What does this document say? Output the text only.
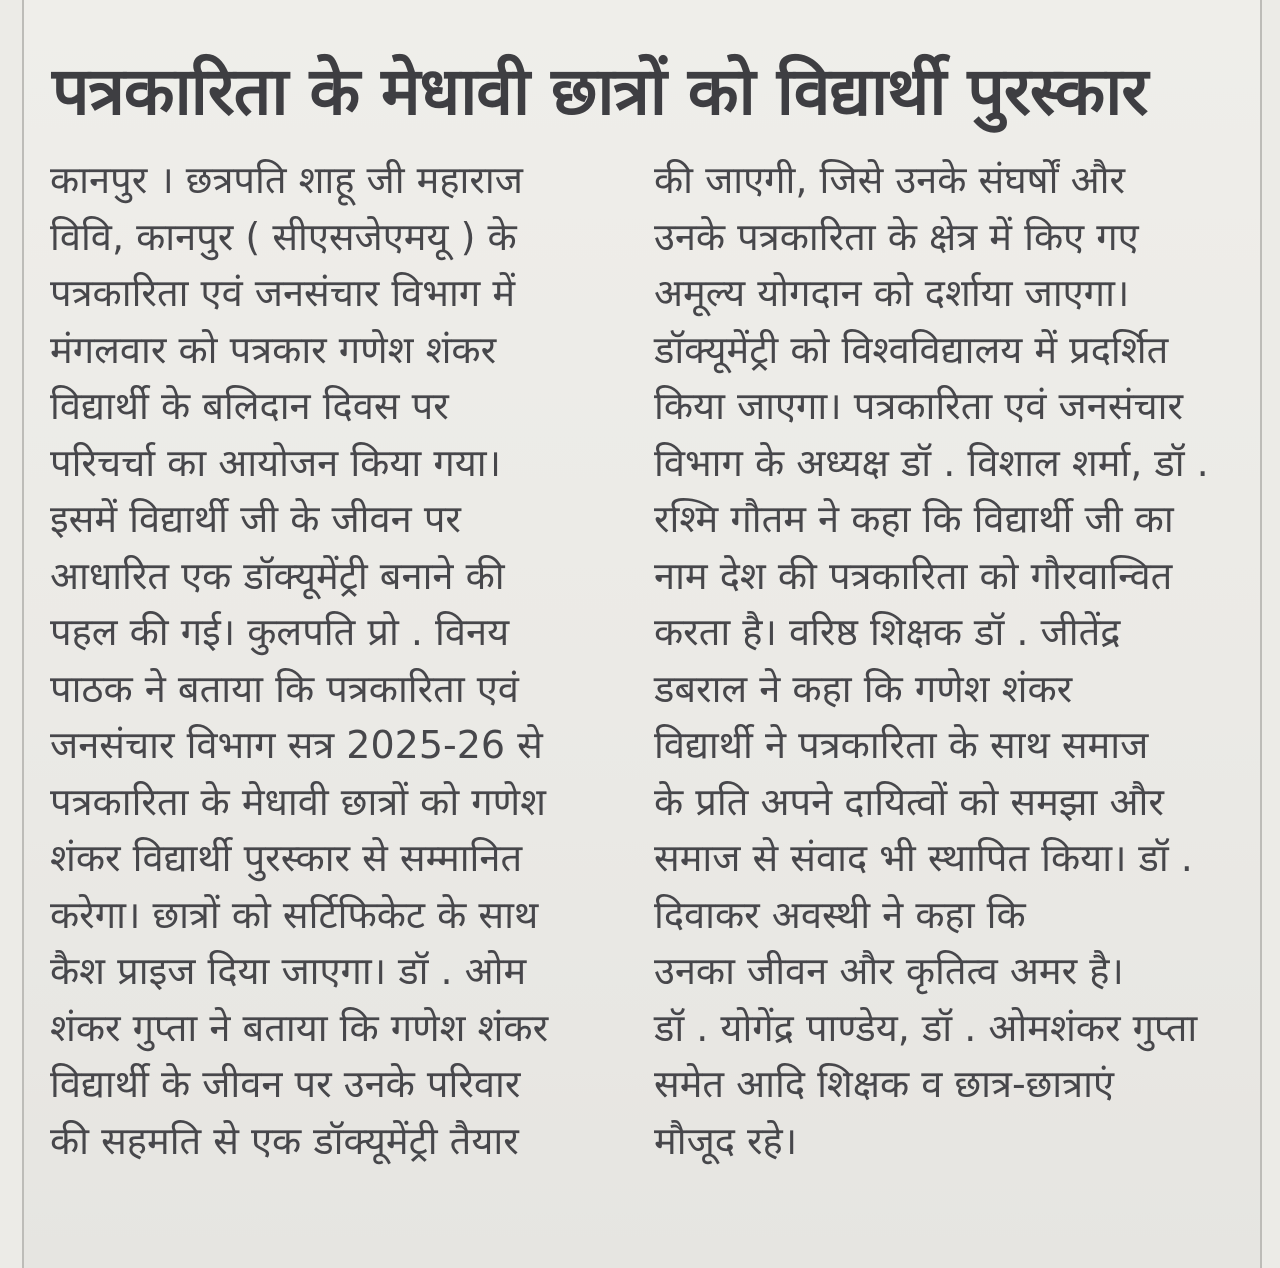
पत्रकारिता के मेधावी छात्रों को विद्यार्थी पुरस्कार
कानपुर । छत्रपति शाहू जी महाराज
विवि, कानपुर ( सीएसजेएमयू ) के
पत्रकारिता एवं जनसंचार विभाग में
मंगलवार को पत्रकार गणेश शंकर
विद्यार्थी के बलिदान दिवस पर
परिचर्चा का आयोजन किया गया।
इसमें विद्यार्थी जी के जीवन पर
आधारित एक डॉक्यूमेंट्री बनाने की
पहल की गई। कुलपति प्रो . विनय
पाठक ने बताया कि पत्रकारिता एवं
जनसंचार विभाग सत्र 2025-26 से
पत्रकारिता के मेधावी छात्रों को गणेश
शंकर विद्यार्थी पुरस्कार से सम्मानित
करेगा। छात्रों को सर्टिफिकेट के साथ
कैश प्राइज दिया जाएगा। डॉ . ओम
शंकर गुप्ता ने बताया कि गणेश शंकर
विद्यार्थी के जीवन पर उनके परिवार
की सहमति से एक डॉक्यूमेंट्री तैयार
की जाएगी, जिसे उनके संघर्षों और
उनके पत्रकारिता के क्षेत्र में किए गए
अमूल्य योगदान को दर्शाया जाएगा।
डॉक्यूमेंट्री को विश्वविद्यालय में प्रदर्शित
किया जाएगा। पत्रकारिता एवं जनसंचार
विभाग के अध्यक्ष डॉ . विशाल शर्मा, डॉ .
रश्मि गौतम ने कहा कि विद्यार्थी जी का
नाम देश की पत्रकारिता को गौरवान्वित
करता है। वरिष्ठ शिक्षक डॉ . जीतेंद्र
डबराल ने कहा कि गणेश शंकर
विद्यार्थी ने पत्रकारिता के साथ समाज
के प्रति अपने दायित्वों को समझा और
समाज से संवाद भी स्थापित किया। डॉ .
दिवाकर अवस्थी ने कहा कि
उनका जीवन और कृतित्व अमर है।
डॉ . योगेंद्र पाण्डेय, डॉ . ओमशंकर गुप्ता
समेत आदि शिक्षक व छात्र-छात्राएं
मौजूद रहे।
